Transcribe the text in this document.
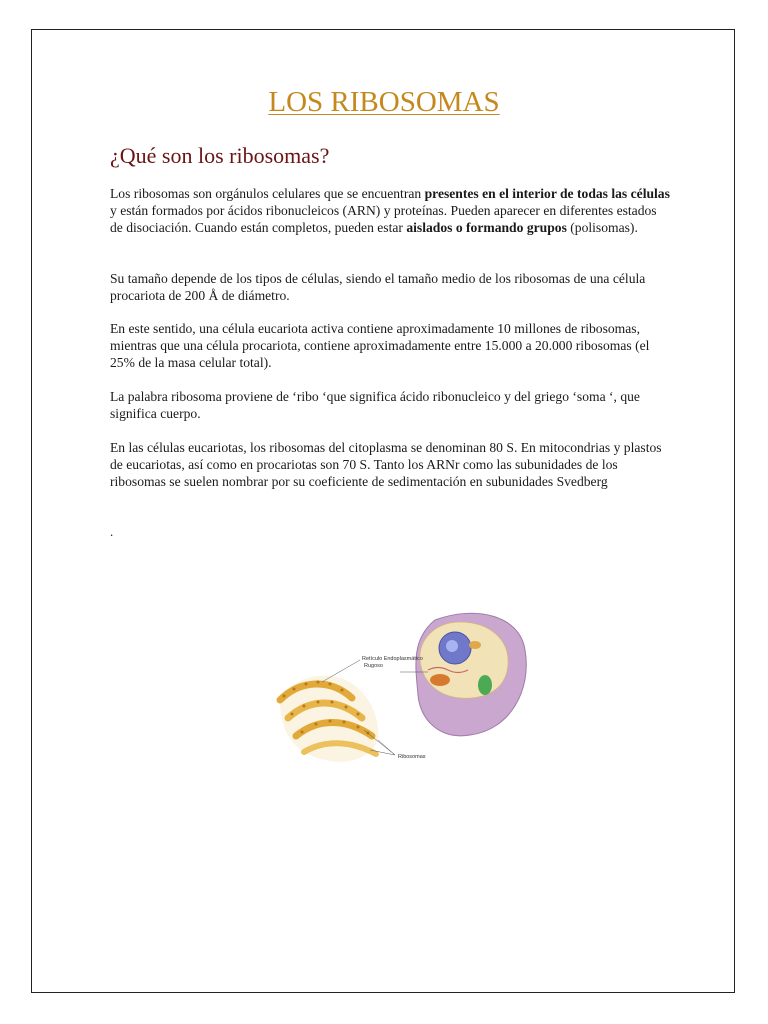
LOS RIBOSOMAS
¿Qué son los ribosomas?
Los ribosomas son orgánulos celulares que se encuentran presentes en el interior de todas las células y están formados por ácidos ribonucleicos (ARN) y proteínas. Pueden aparecer en diferentes estados de disociación. Cuando están completos, pueden estar aislados o formando grupos (polisomas).
Su tamaño depende de los tipos de células, siendo el tamaño medio de los ribosomas de una célula procariota de 200 Å de diámetro.
En este sentido, una célula eucariota activa contiene aproximadamente 10 millones de ribosomas, mientras que una célula procariota, contiene aproximadamente entre 15.000 a 20.000 ribosomas (el 25% de la masa celular total).
La palabra ribosoma proviene de ‘ribo ‘que significa ácido ribonucleico y del griego ‘soma ‘, que significa cuerpo.
En las células eucariotas, los ribosomas del citoplasma se denominan 80 S. En mitocondrias y plastos de eucariotas, así como en procariotas son 70 S. Tanto los ARNr como las subunidades de los ribosomas se suelen nombrar por su coeficiente de sedimentación en subunidades Svedberg
.
Retículo Endoplasmático
Rugoso
Ribosomas
